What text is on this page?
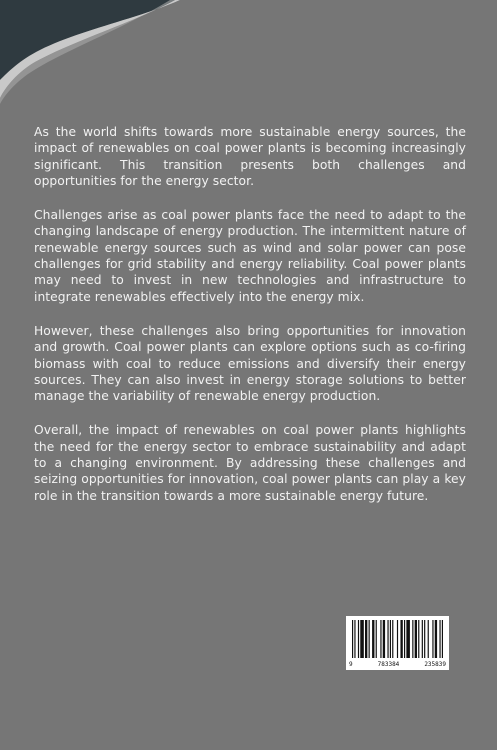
As the world shifts towards more sustainable energy sources, the impact of renewables on coal power plants is becoming increasingly significant. This transition presents both challenges and opportunities for the energy sector.

Challenges arise as coal power plants face the need to adapt to the changing landscape of energy production. The intermittent nature of renewable energy sources such as wind and solar power can pose challenges for grid stability and energy reliability. Coal power plants may need to invest in new technologies and infrastructure to integrate renewables effectively into the energy mix.

However, these challenges also bring opportunities for innovation and growth. Coal power plants can explore options such as co-firing biomass with coal to reduce emissions and diversify their energy sources. They can also invest in energy storage solutions to better manage the variability of renewable energy production.

Overall, the impact of renewables on coal power plants highlights the need for the energy sector to embrace sustainability and adapt to a changing environment. By addressing these challenges and seizing opportunities for innovation, coal power plants can play a key role in the transition towards a more sustainable energy future.

9	783384	235839
